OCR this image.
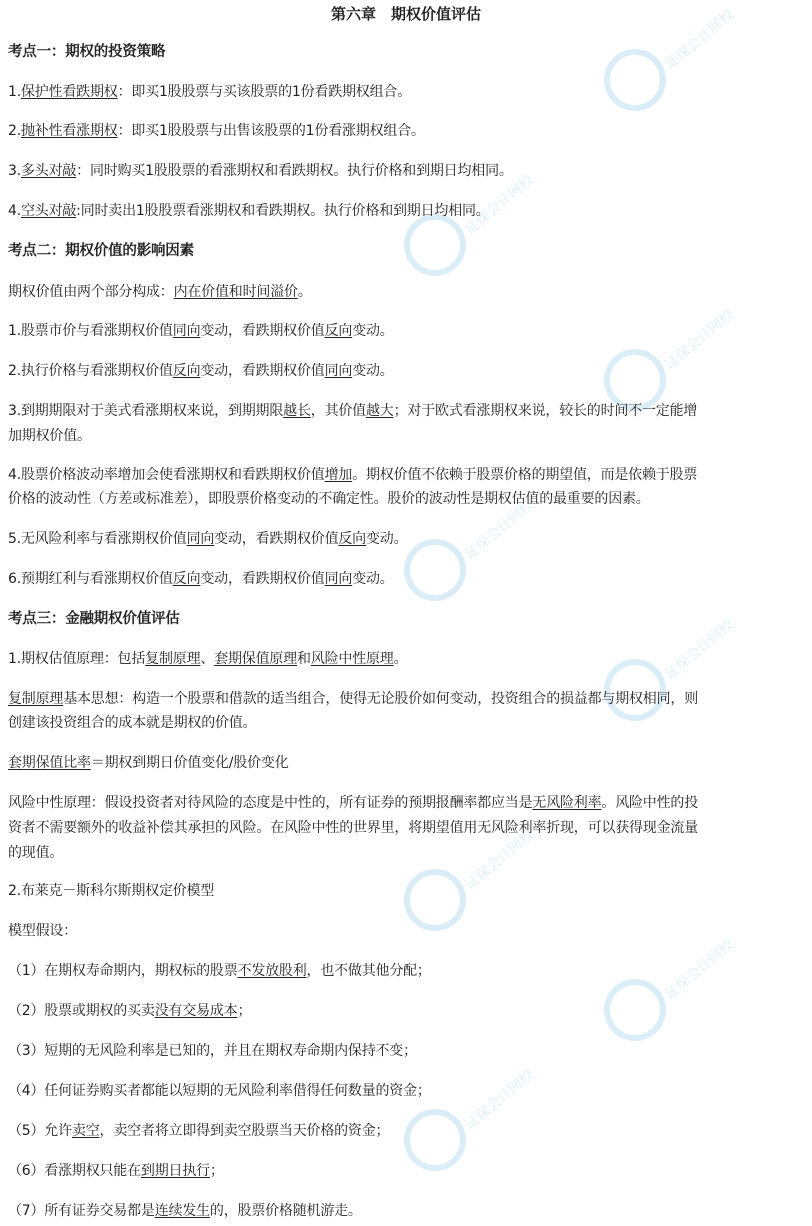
证保会计网校
证保会计网校
证保会计网校
证保会计网校
证保会计网校
证保会计网校
证保会计网校
证保会计网校
第六章　期权价值评估
考点一：期权的投资策略
1.保护性看跌期权：即买1股股票与买该股票的1份看跌期权组合。
2.抛补性看涨期权：即买1股股票与出售该股票的1份看涨期权组合。
3.多头对敲：同时购买1股股票的看涨期权和看跌期权。执行价格和到期日均相同。
4.空头对敲:同时卖出1股股票看涨期权和看跌期权。执行价格和到期日均相同。
考点二：期权价值的影响因素
期权价值由两个部分构成：内在价值和时间溢价。
1.股票市价与看涨期权价值同向变动，看跌期权价值反向变动。
2.执行价格与看涨期权价值反向变动，看跌期权价值同向变动。
3.到期期限对于美式看涨期权来说，到期期限越长，其价值越大；对于欧式看涨期权来说，较长的时间不一定能增
加期权价值。
4.股票价格波动率增加会使看涨期权和看跌期权价值增加。期权价值不依赖于股票价格的期望值，而是依赖于股票
价格的波动性（方差或标准差），即股票价格变动的不确定性。股价的波动性是期权估值的最重要的因素。
5.无风险利率与看涨期权价值同向变动，看跌期权价值反向变动。
6.预期红利与看涨期权价值反向变动，看跌期权价值同向变动。
考点三：金融期权价值评估
1.期权估值原理：包括复制原理、套期保值原理和风险中性原理。
复制原理基本思想：构造一个股票和借款的适当组合，使得无论股价如何变动，投资组合的损益都与期权相同，则
创建该投资组合的成本就是期权的价值。
套期保值比率＝期权到期日价值变化/股价变化
风险中性原理：假设投资者对待风险的态度是中性的，所有证券的预期报酬率都应当是无风险利率。风险中性的投
资者不需要额外的收益补偿其承担的风险。在风险中性的世界里，将期望值用无风险利率折现，可以获得现金流量
的现值。
2.布莱克－斯科尔斯期权定价模型
模型假设：
（1）在期权寿命期内，期权标的股票不发放股利，也不做其他分配；
（2）股票或期权的买卖没有交易成本；
（3）短期的无风险利率是已知的，并且在期权寿命期内保持不变；
（4）任何证券购买者都能以短期的无风险利率借得任何数量的资金；
（5）允许卖空，卖空者将立即得到卖空股票当天价格的资金；
（6）看涨期权只能在到期日执行；
（7）所有证券交易都是连续发生的，股票价格随机游走。
